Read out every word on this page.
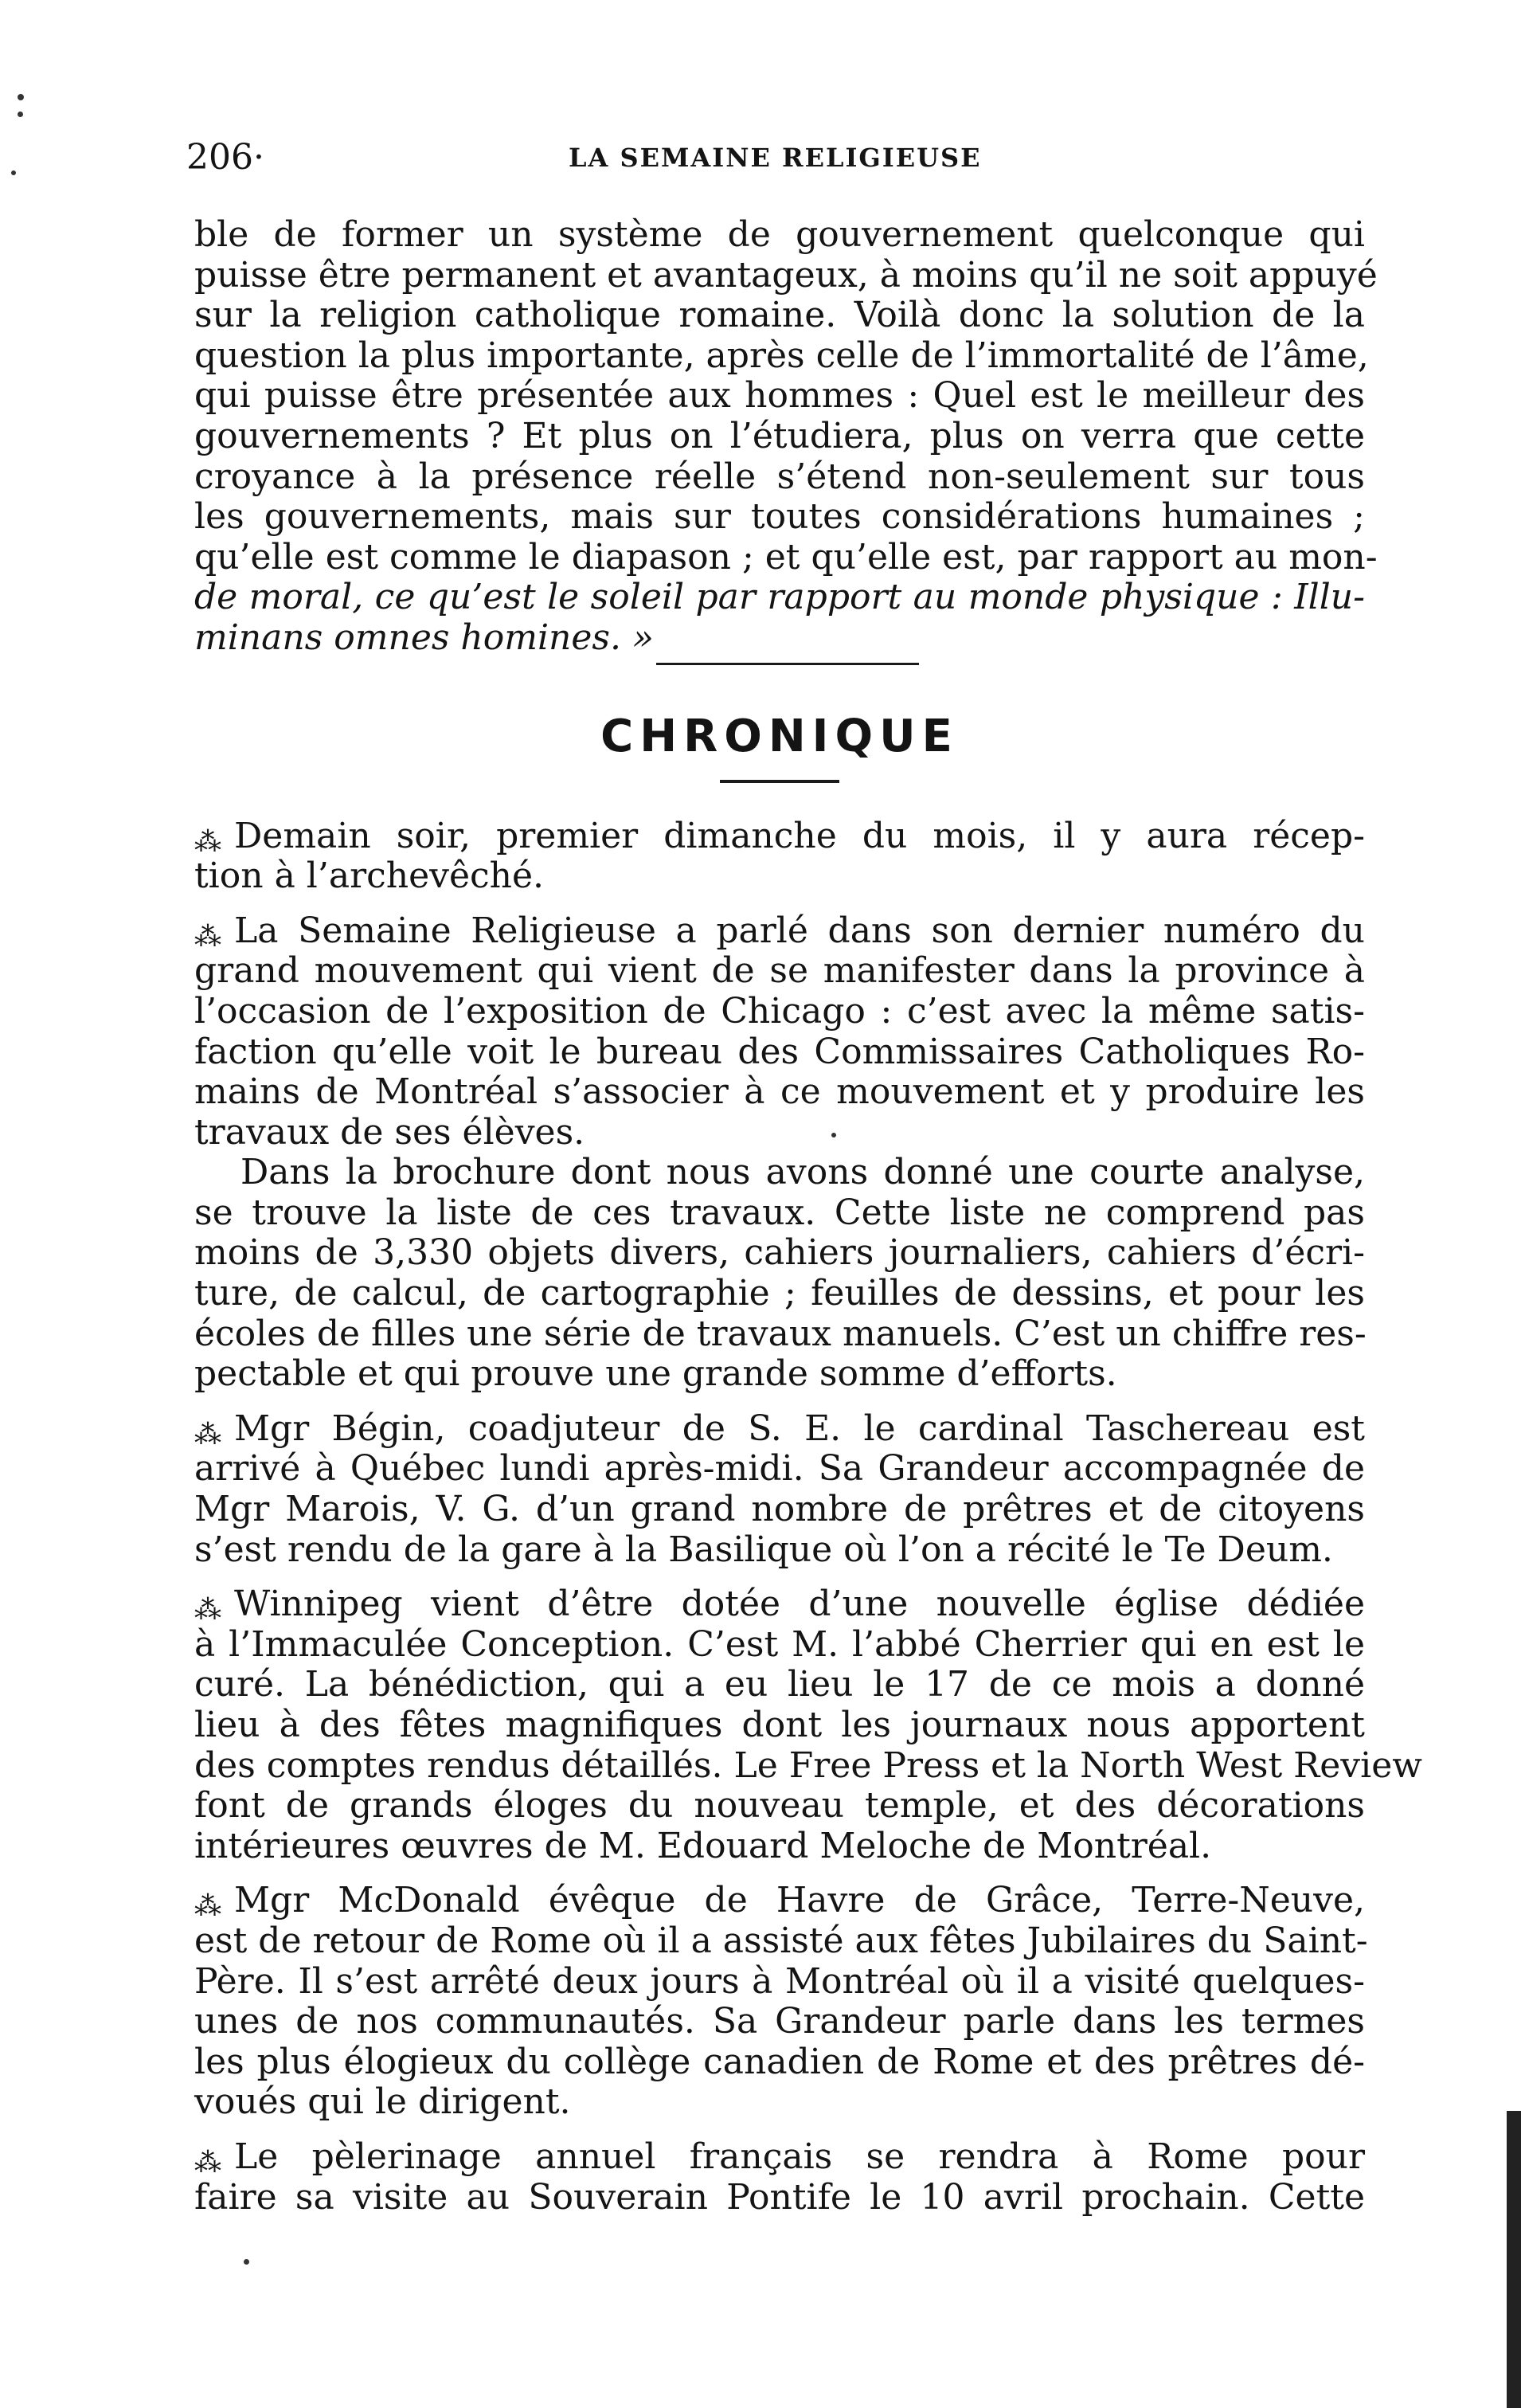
206·	LA SEMAINE RELIGIEUSE
ble de former un système de gouvernement quelconque qui
puisse être permanent et avantageux, à moins qu’il ne soit appuyé
sur la religion catholique romaine. Voilà donc la solution de la
question la plus importante, après celle de l’immortalité de l’âme,
qui puisse être présentée aux hommes : Quel est le meilleur des
gouvernements ? Et plus on l’étudiera, plus on verra que cette
croyance à la présence réelle s’étend non-seulement sur tous
les gouvernements, mais sur toutes considérations humaines ;
qu’elle est comme le diapason ; et qu’elle est, par rapport au mon-
de moral, ce qu’est le soleil par rapport au monde physique : Illu-
minans omnes homines. »
CHRONIQUE
⁂ Demain soir, premier dimanche du mois, il y aura récep-
tion à l’archevêché.
⁂ La Semaine Religieuse a parlé dans son dernier numéro du
grand mouvement qui vient de se manifester dans la province à
l’occasion de l’exposition de Chicago : c’est avec la même satis-
faction qu’elle voit le bureau des Commissaires Catholiques Ro-
mains de Montréal s’associer à ce mouvement et y produire les
travaux de ses élèves.
Dans la brochure dont nous avons donné une courte analyse,
se trouve la liste de ces travaux. Cette liste ne comprend pas
moins de 3,330 objets divers, cahiers journaliers, cahiers d’écri-
ture, de calcul, de cartographie ; feuilles de dessins, et pour les
écoles de filles une série de travaux manuels. C’est un chiffre res-
pectable et qui prouve une grande somme d’efforts.
⁂ Mgr Bégin, coadjuteur de S. E. le cardinal Taschereau est
arrivé à Québec lundi après-midi. Sa Grandeur accompagnée de
Mgr Marois, V. G. d’un grand nombre de prêtres et de citoyens
s’est rendu de la gare à la Basilique où l’on a récité le Te Deum.
⁂ Winnipeg vient d’être dotée d’une nouvelle église dédiée
à l’Immaculée Conception. C’est M. l’abbé Cherrier qui en est le
curé. La bénédiction, qui a eu lieu le 17 de ce mois a donné
lieu à des fêtes magnifiques dont les journaux nous apportent
des comptes rendus détaillés. Le Free Press et la North West Review
font de grands éloges du nouveau temple, et des décorations
intérieures œuvres de M. Edouard Meloche de Montréal.
⁂ Mgr McDonald évêque de Havre de Grâce, Terre-Neuve,
est de retour de Rome où il a assisté aux fêtes Jubilaires du Saint-
Père. Il s’est arrêté deux jours à Montréal où il a visité quelques-
unes de nos communautés. Sa Grandeur parle dans les termes
les plus élogieux du collège canadien de Rome et des prêtres dé-
voués qui le dirigent.
⁂ Le pèlerinage annuel français se rendra à Rome pour
faire sa visite au Souverain Pontife le 10 avril prochain. Cette
